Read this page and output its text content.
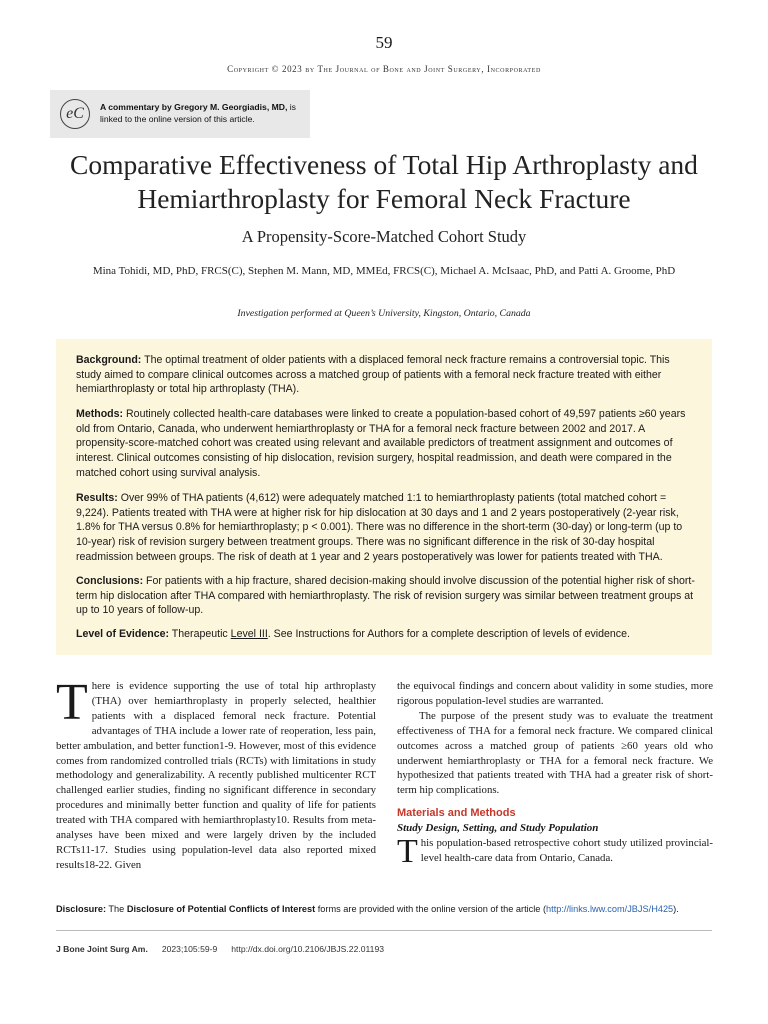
59
Copyright © 2023 by The Journal of Bone and Joint Surgery, Incorporated
eC	A commentary by Gregory M. Georgiadis, MD, is linked to the online version of this article.
Comparative Effectiveness of Total Hip Arthroplasty and Hemiarthroplasty for Femoral Neck Fracture
A Propensity-Score-Matched Cohort Study
Mina Tohidi, MD, PhD, FRCS(C), Stephen M. Mann, MD, MMEd, FRCS(C), Michael A. McIsaac, PhD, and Patti A. Groome, PhD
Investigation performed at Queen’s University, Kingston, Ontario, Canada
Background: The optimal treatment of older patients with a displaced femoral neck fracture remains a controversial topic. This study aimed to compare clinical outcomes across a matched group of patients with a femoral neck fracture treated with either hemiarthroplasty or total hip arthroplasty (THA).
Methods: Routinely collected health-care databases were linked to create a population-based cohort of 49,597 patients ≥60 years old from Ontario, Canada, who underwent hemiarthroplasty or THA for a femoral neck fracture between 2002 and 2017. A propensity-score-matched cohort was created using relevant and available predictors of treatment assignment and outcomes of interest. Clinical outcomes consisting of hip dislocation, revision surgery, hospital readmission, and death were compared in the matched cohort using survival analysis.
Results: Over 99% of THA patients (4,612) were adequately matched 1:1 to hemiarthroplasty patients (total matched cohort = 9,224). Patients treated with THA were at higher risk for hip dislocation at 30 days and 1 and 2 years postoperatively (2-year risk, 1.8% for THA versus 0.8% for hemiarthroplasty; p < 0.001). There was no difference in the short-term (30-day) or long-term (up to 10-year) risk of revision surgery between treatment groups. There was no significant difference in the risk of 30-day hospital readmission between groups. The risk of death at 1 year and 2 years postoperatively was lower for patients treated with THA.
Conclusions: For patients with a hip fracture, shared decision-making should involve discussion of the potential higher risk of short-term hip dislocation after THA compared with hemiarthroplasty. The risk of revision surgery was similar between treatment groups at up to 10 years of follow-up.
Level of Evidence: Therapeutic Level III. See Instructions for Authors for a complete description of levels of evidence.
T here is evidence supporting the use of total hip arthroplasty (THA) over hemiarthroplasty in properly selected, healthier patients with a displaced femoral neck fracture. Potential advantages of THA include a lower rate of reoperation, less pain, better ambulation, and better function1-9. However, most of this evidence comes from randomized controlled trials (RCTs) with limitations in study methodology and generalizability. A recently published multicenter RCT challenged earlier studies, finding no significant difference in secondary procedures and minimally better function and quality of life for patients treated with THA compared with hemiarthroplasty10. Results from meta-analyses have been mixed and were largely driven by the included RCTs11-17. Studies using population-level data also reported mixed results18-22. Given

the equivocal findings and concern about validity in some studies, more rigorous population-level studies are warranted.

The purpose of the present study was to evaluate the treatment effectiveness of THA for a femoral neck fracture. We compared clinical outcomes across a matched group of patients ≥60 years old who underwent hemiarthroplasty or THA for a femoral neck fracture. We hypothesized that patients treated with THA had a greater risk of short-term hip complications.

Materials and Methods
Study Design, Setting, and Study Population
T his population-based retrospective cohort study utilized provincial-level health-care data from Ontario, Canada.

Disclosure: The Disclosure of Potential Conflicts of Interest forms are provided with the online version of the article (http://links.lww.com/JBJS/H425).
J Bone Joint Surg Am. 2023;105:59-9 http://dx.doi.org/10.2106/JBJS.22.01193
